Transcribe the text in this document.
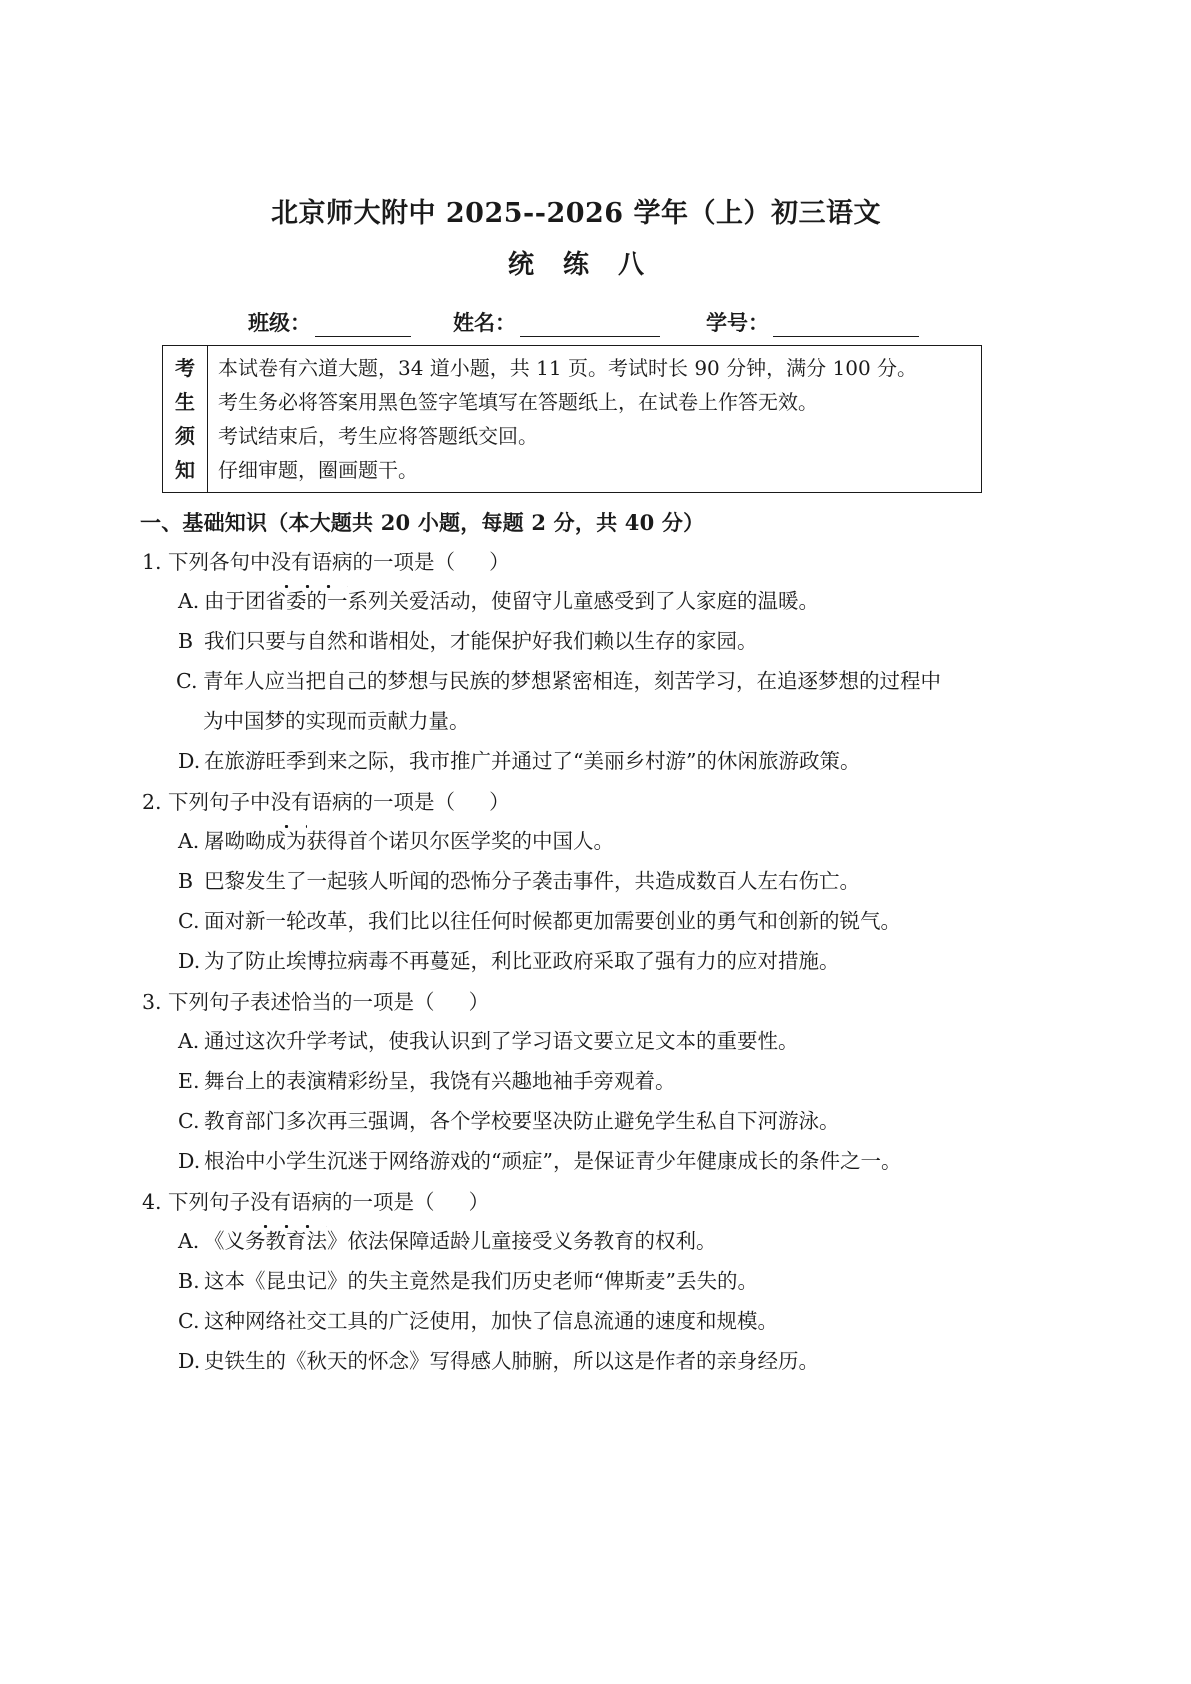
北京师大附中 2025--2026 学年（上）初三语文
统 练 八
班级：	姓名：	学号：
考
生
须
知

本试卷有六道大题，34 道小题，共 11 页。考试时长 90 分钟，满分 100 分。

考生务必将答案用黑色签字笔填写在答题纸上，在试卷上作答无效。

考试结束后，考生应将答题纸交回。

仔细审题，圈画题干。

一、基础知识（本大题共 20 小题，每题 2 分，共 40 分）

1. 下列各句中没有语病的一项是（ ）

A. 由于团省委的一系列关爱活动，使留守儿童感受到了人家庭的温暖。
B 我们只要与自然和谐相处，才能保护好我们赖以生存的家园。
C. 青年人应当把自己的梦想与民族的梦想紧密相连，刻苦学习，在追逐梦想的过程中
为中国梦的实现而贡献力量。
D. 在旅游旺季到来之际，我市推广并通过了“美丽乡村游”的休闲旅游政策。

2. 下列句子中没有语病的一项是（ ）

A. 屠呦呦成为获得首个诺贝尔医学奖的中国人。
B 巴黎发生了一起骇人听闻的恐怖分子袭击事件，共造成数百人左右伤亡。
C. 面对新一轮改革，我们比以往任何时候都更加需要创业的勇气和创新的锐气。
D. 为了防止埃博拉病毒不再蔓延，利比亚政府采取了强有力的应对措施。

3. 下列句子表述恰当的一项是（ ）

A. 通过这次升学考试，使我认识到了学习语文要立足文本的重要性。
E. 舞台上的表演精彩纷呈，我饶有兴趣地袖手旁观着。
C. 教育部门多次再三强调，各个学校要坚决防止避免学生私自下河游泳。
D. 根治中小学生沉迷于网络游戏的“顽症”，是保证青少年健康成长的条件之一。

4. 下列句子没有语病的一项是（ ）

A. 《义务教育法》依法保障适龄儿童接受义务教育的权利。
B. 这本《昆虫记》的失主竟然是我们历史老师“俾斯麦”丢失的。
C. 这种网络社交工具的广泛使用，加快了信息流通的速度和规模。
D. 史铁生的《秋天的怀念》写得感人肺腑，所以这是作者的亲身经历。
